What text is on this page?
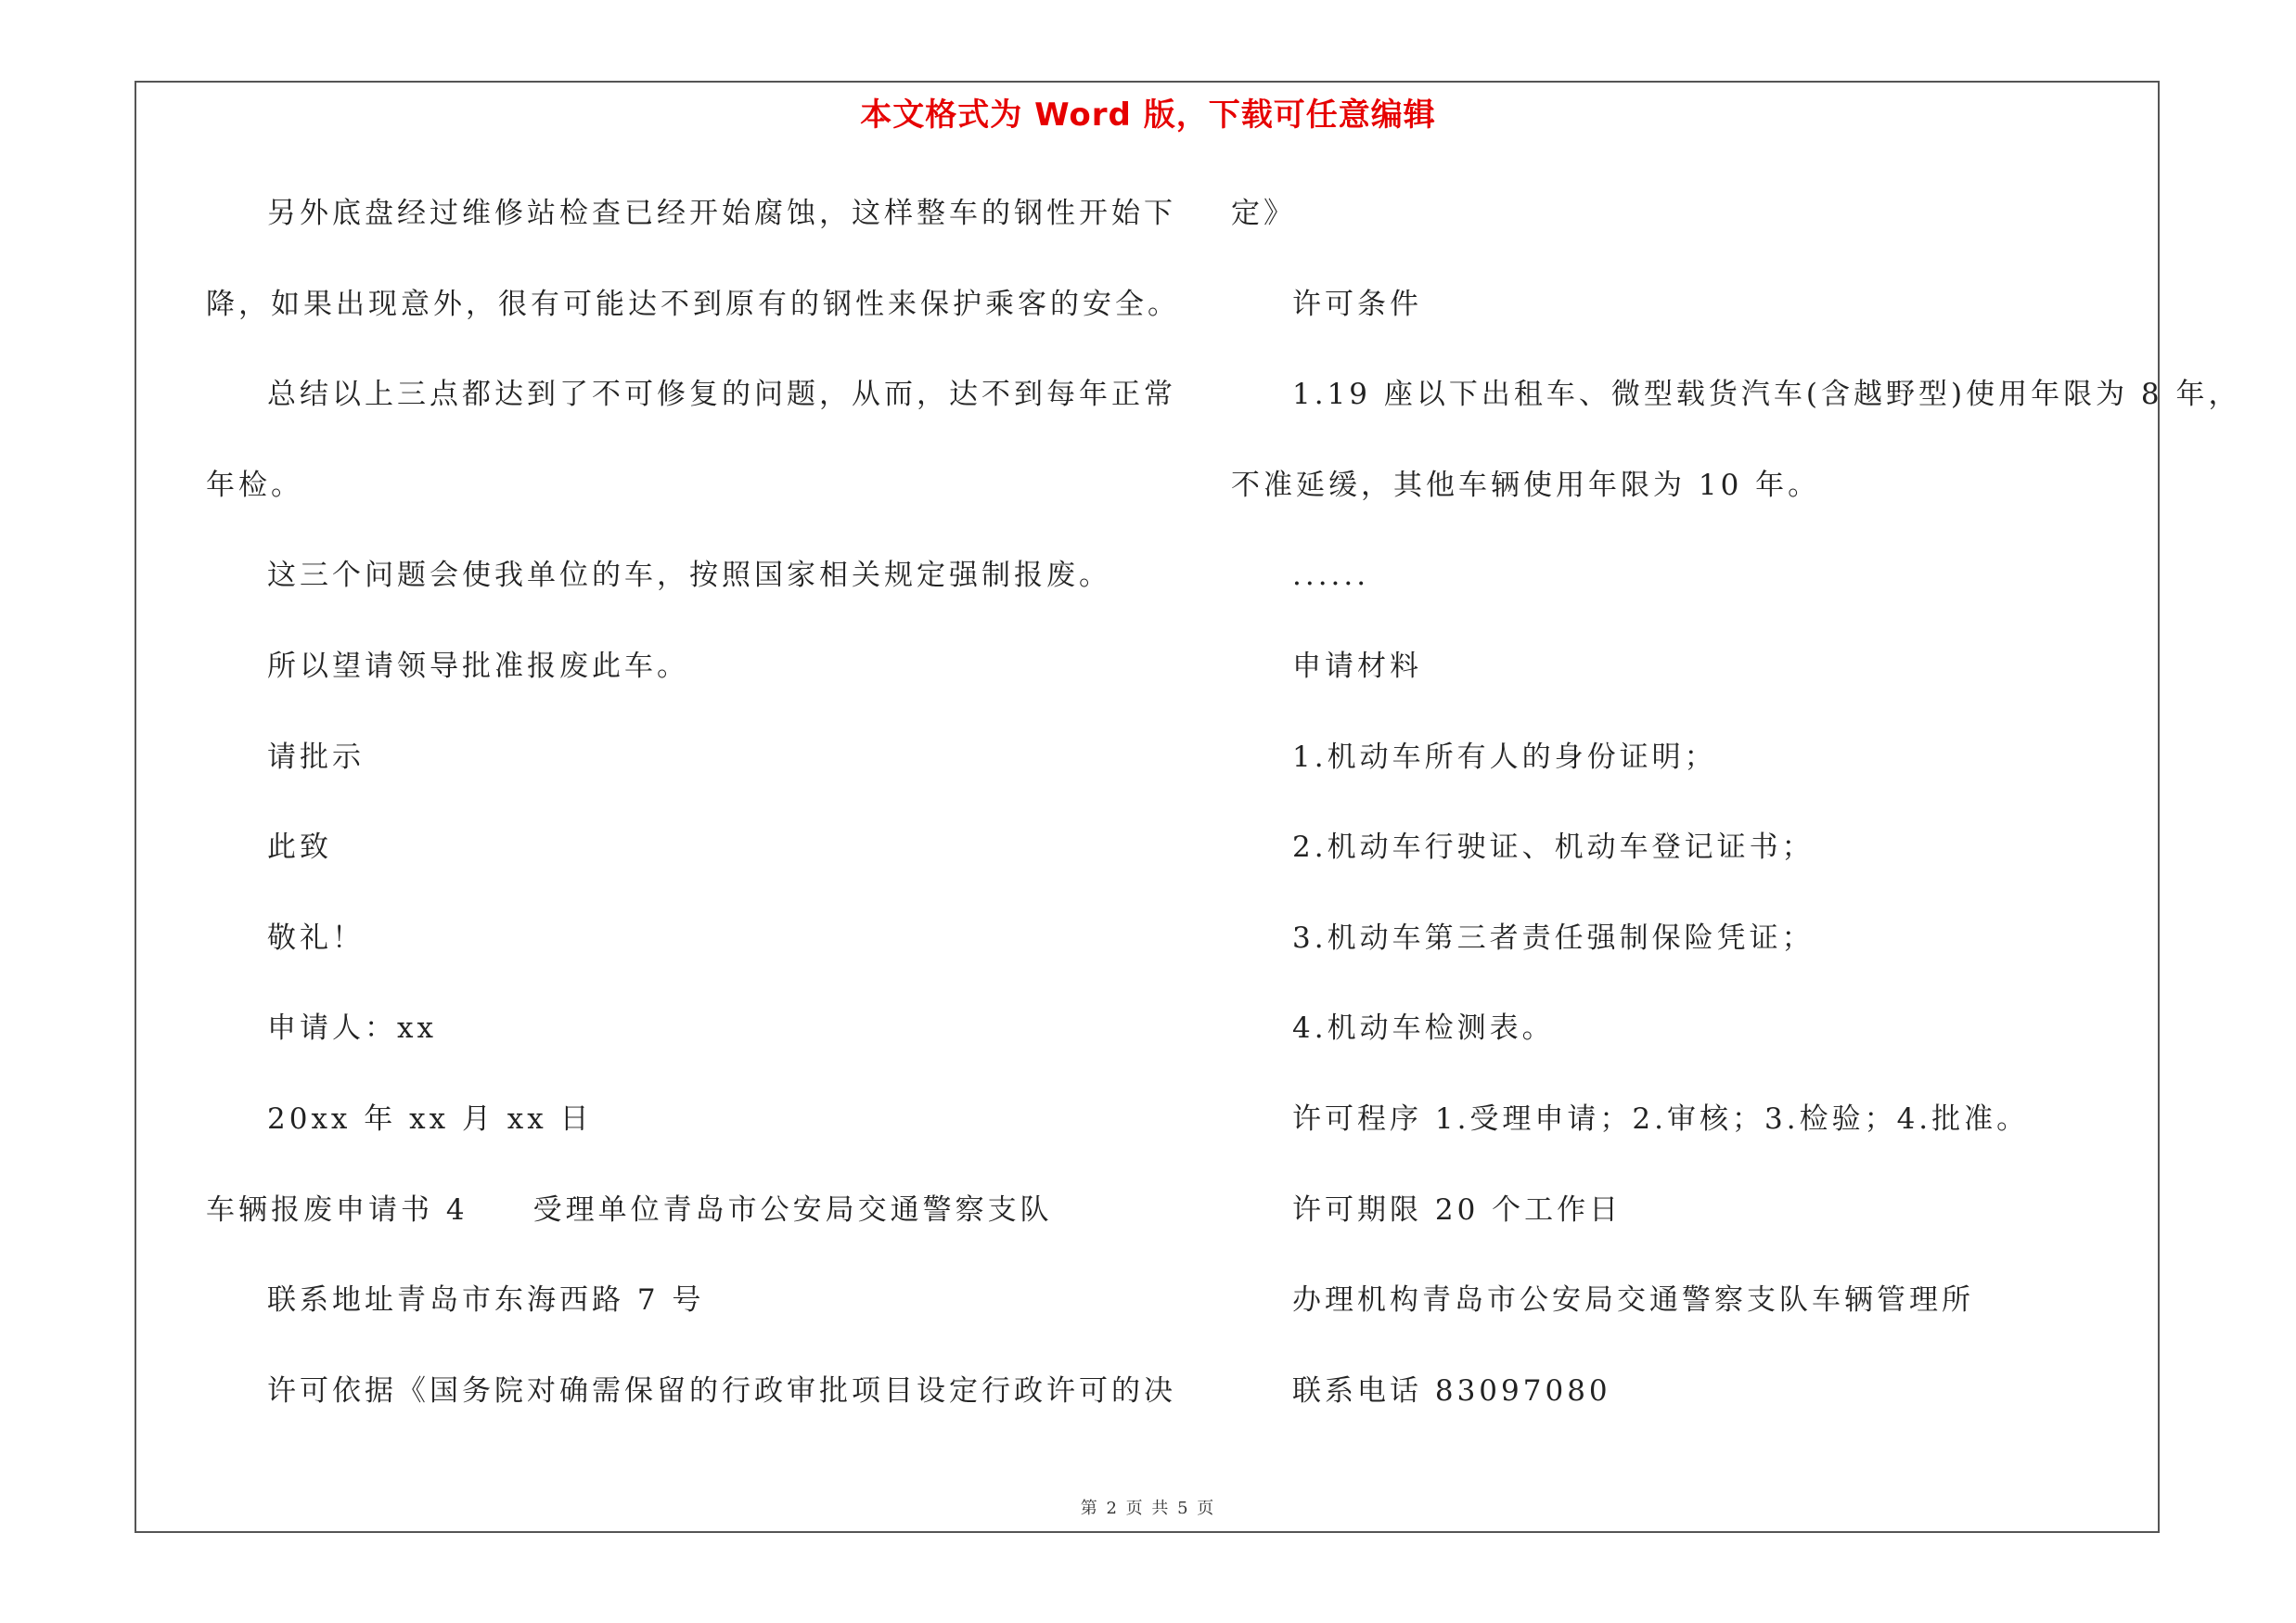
本文格式为 Word 版，下载可任意编辑
另外底盘经过维修站检查已经开始腐蚀，这样整车的钢性开始下
降，如果出现意外，很有可能达不到原有的钢性来保护乘客的安全。
总结以上三点都达到了不可修复的问题，从而，达不到每年正常
年检。
这三个问题会使我单位的车，按照国家相关规定强制报废。
所以望请领导批准报废此车。
请批示
此致
敬礼！
申请人：xx
20xx 年 xx 月 xx 日
车辆报废申请书 4　　受理单位青岛市公安局交通警察支队
联系地址青岛市东海西路 7 号
许可依据《国务院对确需保留的行政审批项目设定行政许可的决
定》
许可条件
1.19 座以下出租车、微型载货汽车(含越野型)使用年限为 8 年，
不准延缓，其他车辆使用年限为 10 年。
......
申请材料
1.机动车所有人的身份证明；
2.机动车行驶证、机动车登记证书；
3.机动车第三者责任强制保险凭证；
4.机动车检测表。
许可程序 1.受理申请；2.审核；3.检验；4.批准。
许可期限 20 个工作日
办理机构青岛市公安局交通警察支队车辆管理所
联系电话 83097080
第 2 页 共 5 页
